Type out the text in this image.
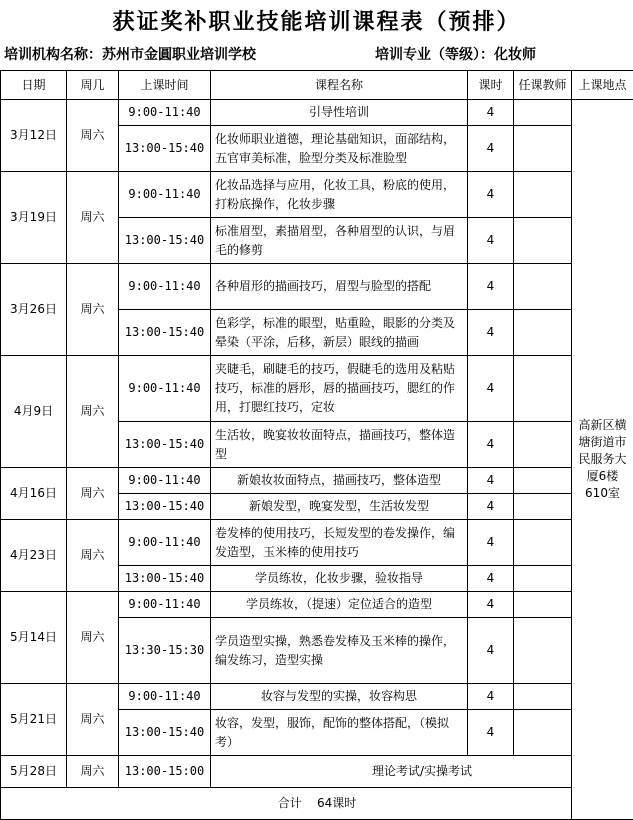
获证奖补职业技能培训课程表（预排）
培训机构名称：苏州市金圓职业培训学校	培训专业（等级）：化妆师
日期	周几	上课时间	课程名称	课时	任课教师	上课地点
3月12日	周六	9:00-11:40	引导性培训	4		高新区横塘街道市民服务大厦6楼610室
		13:00-15:40	化妆师职业道德，理论基础知识，面部结构，五官审美标准，脸型分类及标准脸型	4		
3月19日	周六	9:00-11:40	化妆品选择与应用，化妆工具，粉底的使用，打粉底操作，化妆步骤	4		
		13:00-15:40	标准眉型，素描眉型，各种眉型的认识，与眉毛的修剪	4		
3月26日	周六	9:00-11:40	各种眉形的描画技巧，眉型与脸型的搭配	4		
		13:00-15:40	色彩学，标准的眼型，贴重睑，眼影的分类及晕染（平涂，后移，新层）眼线的描画	4		
4月9日	周六	9:00-11:40	夹睫毛，刷睫毛的技巧，假睫毛的选用及粘贴技巧，标准的唇形，唇的描画技巧，腮红的作用，打腮红技巧，定妆	4		
		13:00-15:40	生活妆，晚宴妆妆面特点，描画技巧，整体造型	4		
4月16日	周六	9:00-11:40	新娘妆妆面特点，描画技巧，整体造型	4		
		13:00-15:40	新娘发型，晚宴发型，生活妆发型	4		
4月23日	周六	9:00-11:40	卷发棒的使用技巧，长短发型的卷发操作，编发造型，玉米棒的使用技巧	4		
		13:00-15:40	学员练妆，化妆步骤，验妆指导	4		
5月14日	周六	9:00-11:40	学员练妆，（提速）定位适合的造型	4		
		13:30-15:30	学员造型实操，熟悉卷发棒及玉米棒的操作，编发练习，造型实操	4		
5月21日	周六	9:00-11:40	妆容与发型的实操，妆容构思	4		
		13:00-15:40	妆容，发型，服饰，配饰的整体搭配，（模拟考）	4		
5月28日	周六	13:00-15:00	理论考试/实操考试			
合计    64课时						
